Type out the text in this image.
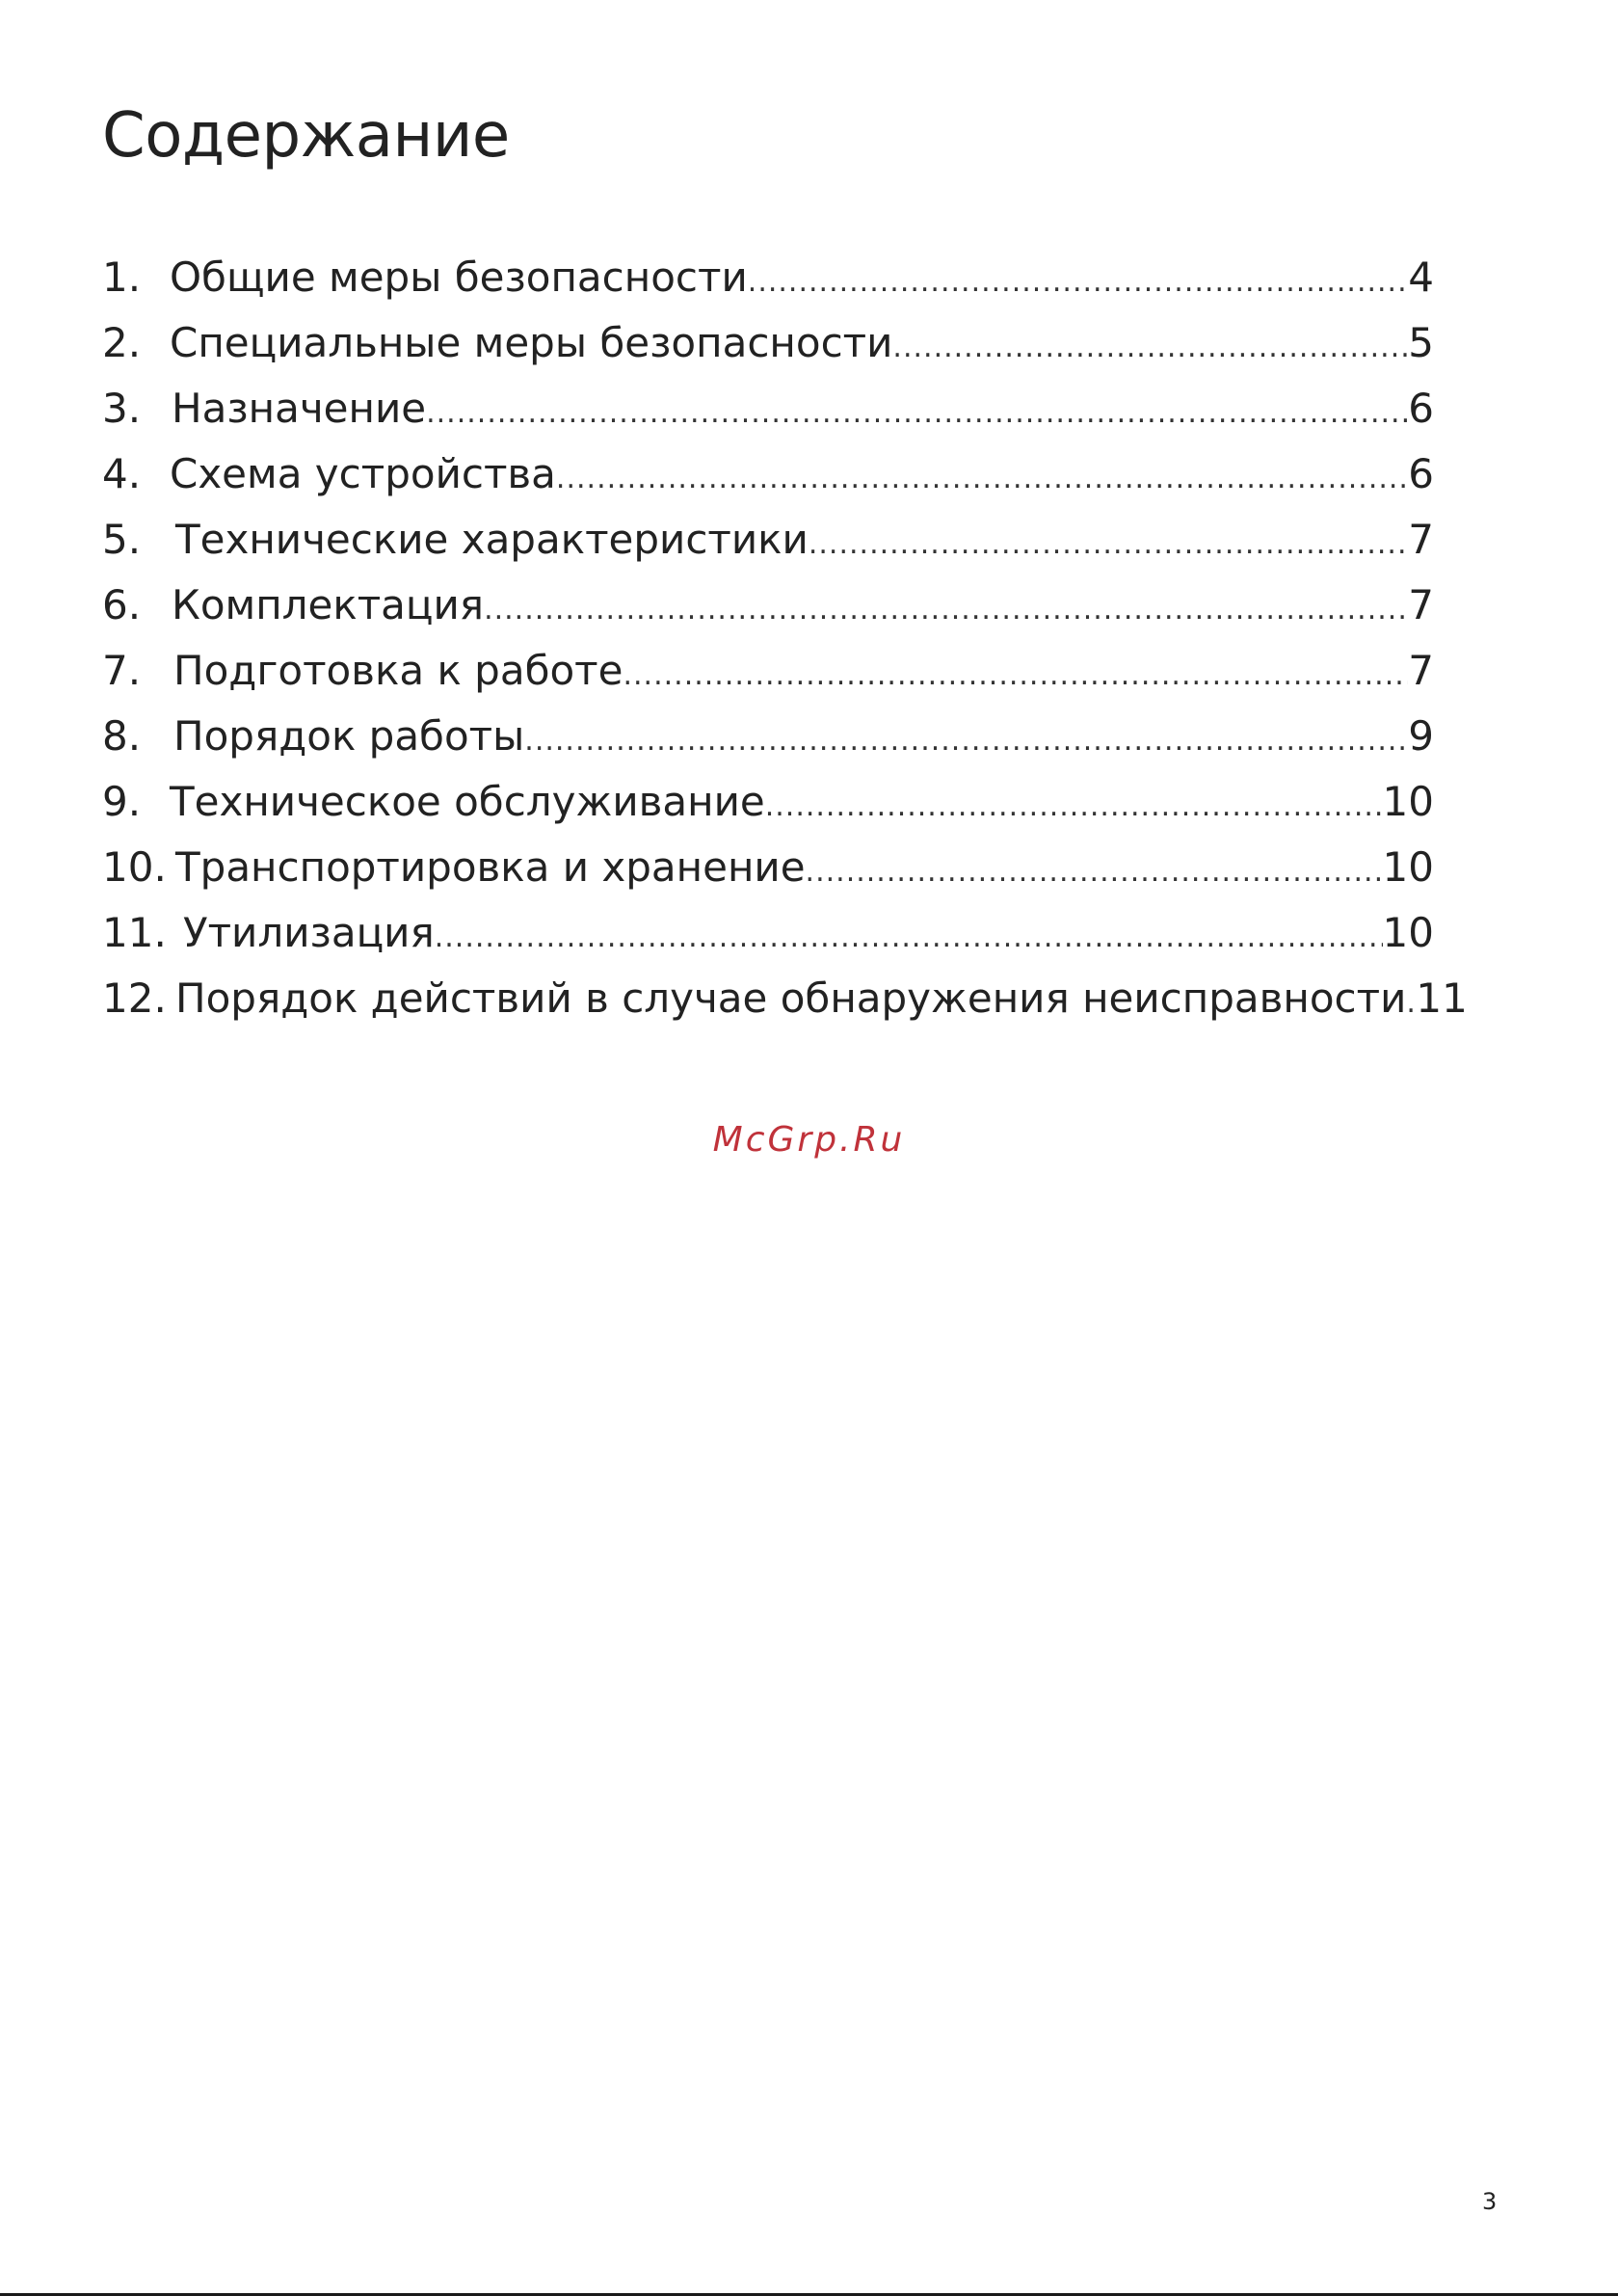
Содержание
1. Общие меры безопасности .....	4
2. Специальные меры безопасности .....	5
3. Назначение .....	6
4. Схема устройства .....	6
5. Технические характеристики .....	7
6. Комплектация .....	7
7. Подготовка к работе .....	7
8. Порядок работы .....	9
9. Техническое обслуживание .....	10
10. Транспортировка и хранение .....	10
11. Утилизация .....	10
12. Порядок действий в случае обнаружения неисправности ..... 11
McGrp.Ru
3
